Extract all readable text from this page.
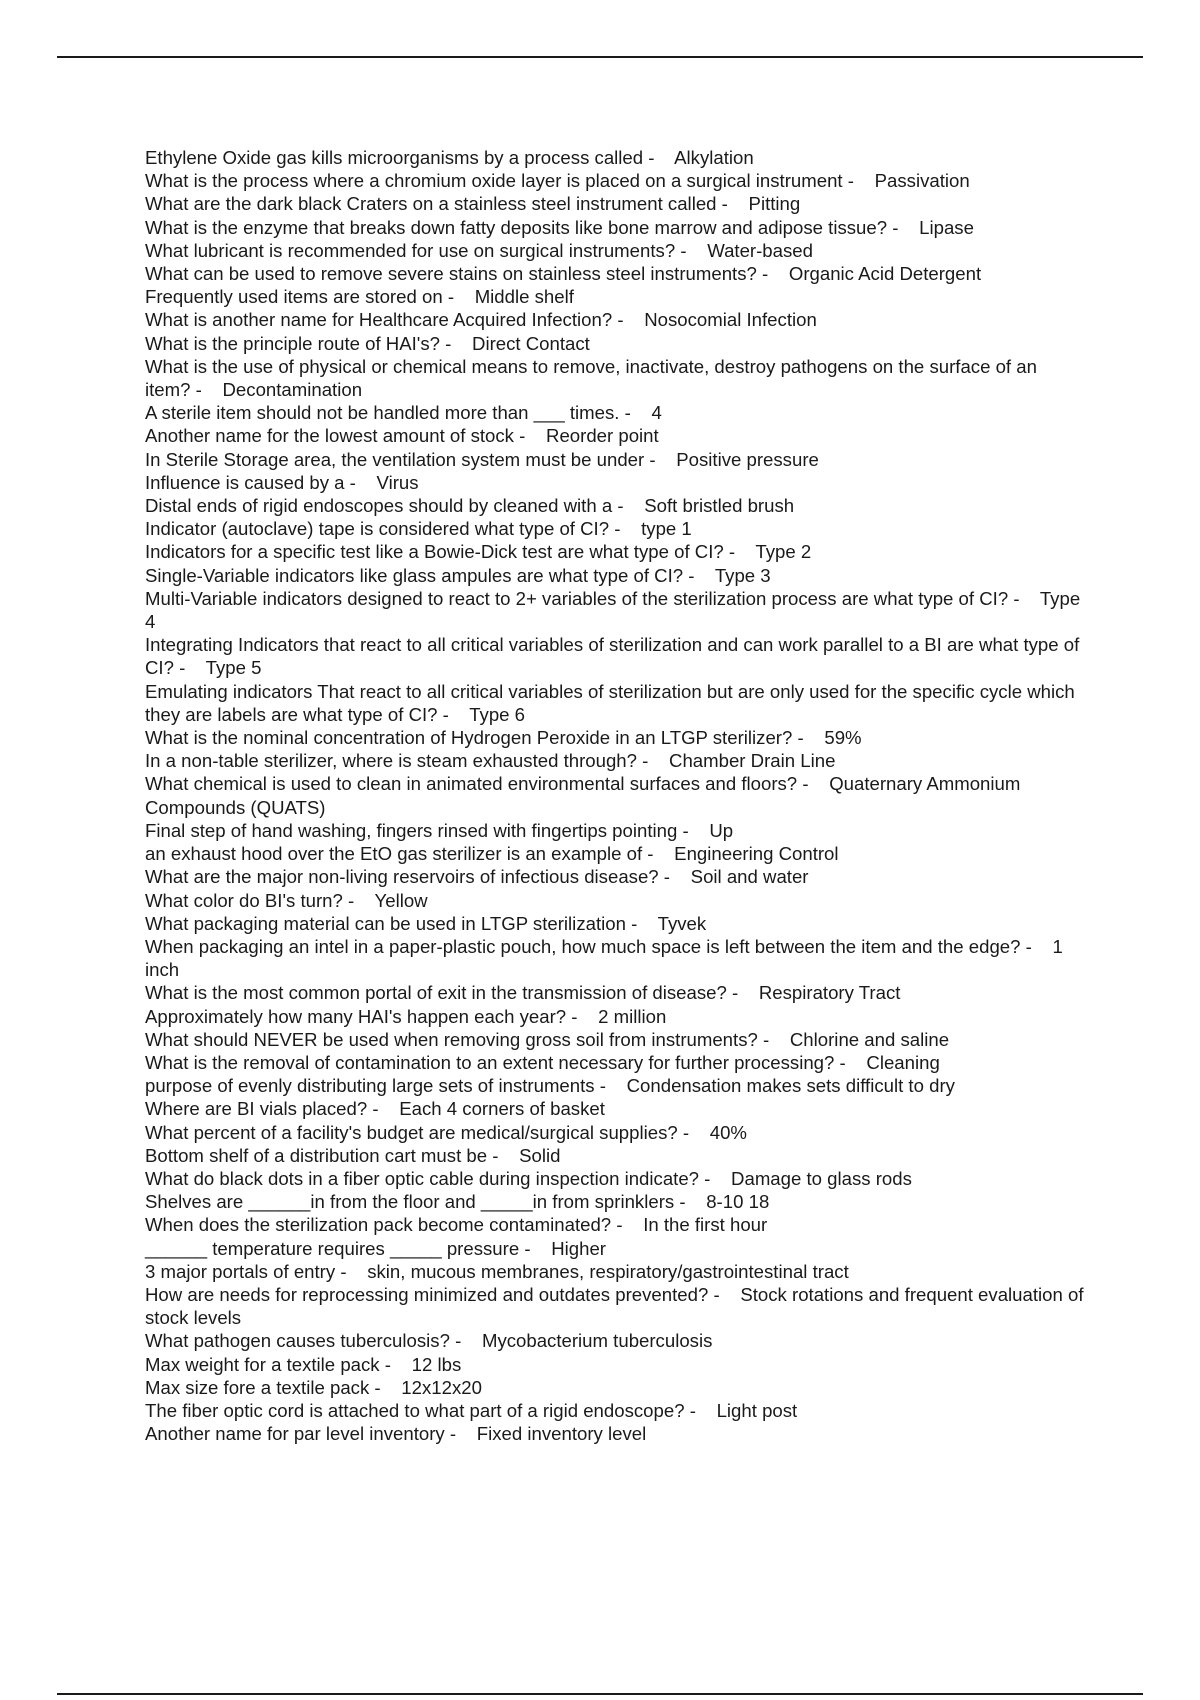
Ethylene Oxide gas kills microorganisms by a process called -    Alkylation
What is the process where a chromium oxide layer is placed on a surgical instrument -    Passivation
What are the dark black Craters on a stainless steel instrument called -    Pitting
What is the enzyme that breaks down fatty deposits like bone marrow and adipose tissue? -    Lipase
What lubricant is recommended for use on surgical instruments? -    Water-based
What can be used to remove severe stains on stainless steel instruments? -    Organic Acid Detergent
Frequently used items are stored on -    Middle shelf
What is another name for Healthcare Acquired Infection? -    Nosocomial Infection
What is the principle route of HAI's? -    Direct Contact
What is the use of physical or chemical means to remove, inactivate, destroy pathogens on the surface of an item? -    Decontamination
A sterile item should not be handled more than ___ times. -    4
Another name for the lowest amount of stock -    Reorder point
In Sterile Storage area, the ventilation system must be under -    Positive pressure
Influence is caused by a -    Virus
Distal ends of rigid endoscopes should by cleaned with a -    Soft bristled brush
Indicator (autoclave) tape is considered what type of CI? -    type 1
Indicators for a specific test like a Bowie-Dick test are what type of CI? -    Type 2
Single-Variable indicators like glass ampules are what type of CI? -    Type 3
Multi-Variable indicators designed to react to 2+ variables of the sterilization process are what type of CI? -    Type 4
Integrating Indicators that react to all critical variables of sterilization and can work parallel to a BI are what type of CI? -    Type 5
Emulating indicators That react to all critical variables of sterilization but are only used for the specific cycle which they are labels are what type of CI? -    Type 6
What is the nominal concentration of Hydrogen Peroxide in an LTGP sterilizer? -    59%
In a non-table sterilizer, where is steam exhausted through? -    Chamber Drain Line
What chemical is used to clean in animated environmental surfaces and floors? -    Quaternary Ammonium Compounds (QUATS)
Final step of hand washing, fingers rinsed with fingertips pointing -    Up
an exhaust hood over the EtO gas sterilizer is an example of -    Engineering Control
What are the major non-living reservoirs of infectious disease? -    Soil and water
What color do BI's turn? -    Yellow
What packaging material can be used in LTGP sterilization -    Tyvek
When packaging an intel in a paper-plastic pouch, how much space is left between the item and the edge? -    1 inch
What is the most common portal of exit in the transmission of disease? -    Respiratory Tract
Approximately how many HAI's happen each year? -    2 million
What should NEVER be used when removing gross soil from instruments? -    Chlorine and saline
What is the removal of contamination to an extent necessary for further processing? -    Cleaning
purpose of evenly distributing large sets of instruments -    Condensation makes sets difficult to dry
Where are BI vials placed? -    Each 4 corners of basket
What percent of a facility's budget are medical/surgical supplies? -    40%
Bottom shelf of a distribution cart must be -    Solid
What do black dots in a fiber optic cable during inspection indicate? -    Damage to glass rods
Shelves are ______in from the floor and _____in from sprinklers -    8-10 18
When does the sterilization pack become contaminated? -    In the first hour
______ temperature requires _____ pressure -    Higher
3 major portals of entry -    skin, mucous membranes, respiratory/gastrointestinal tract
How are needs for reprocessing minimized and outdates prevented? -    Stock rotations and frequent evaluation of stock levels
What pathogen causes tuberculosis? -    Mycobacterium tuberculosis
Max weight for a textile pack -    12 lbs
Max size fore a textile pack -    12x12x20
The fiber optic cord is attached to what part of a rigid endoscope? -    Light post
Another name for par level inventory -    Fixed inventory level
